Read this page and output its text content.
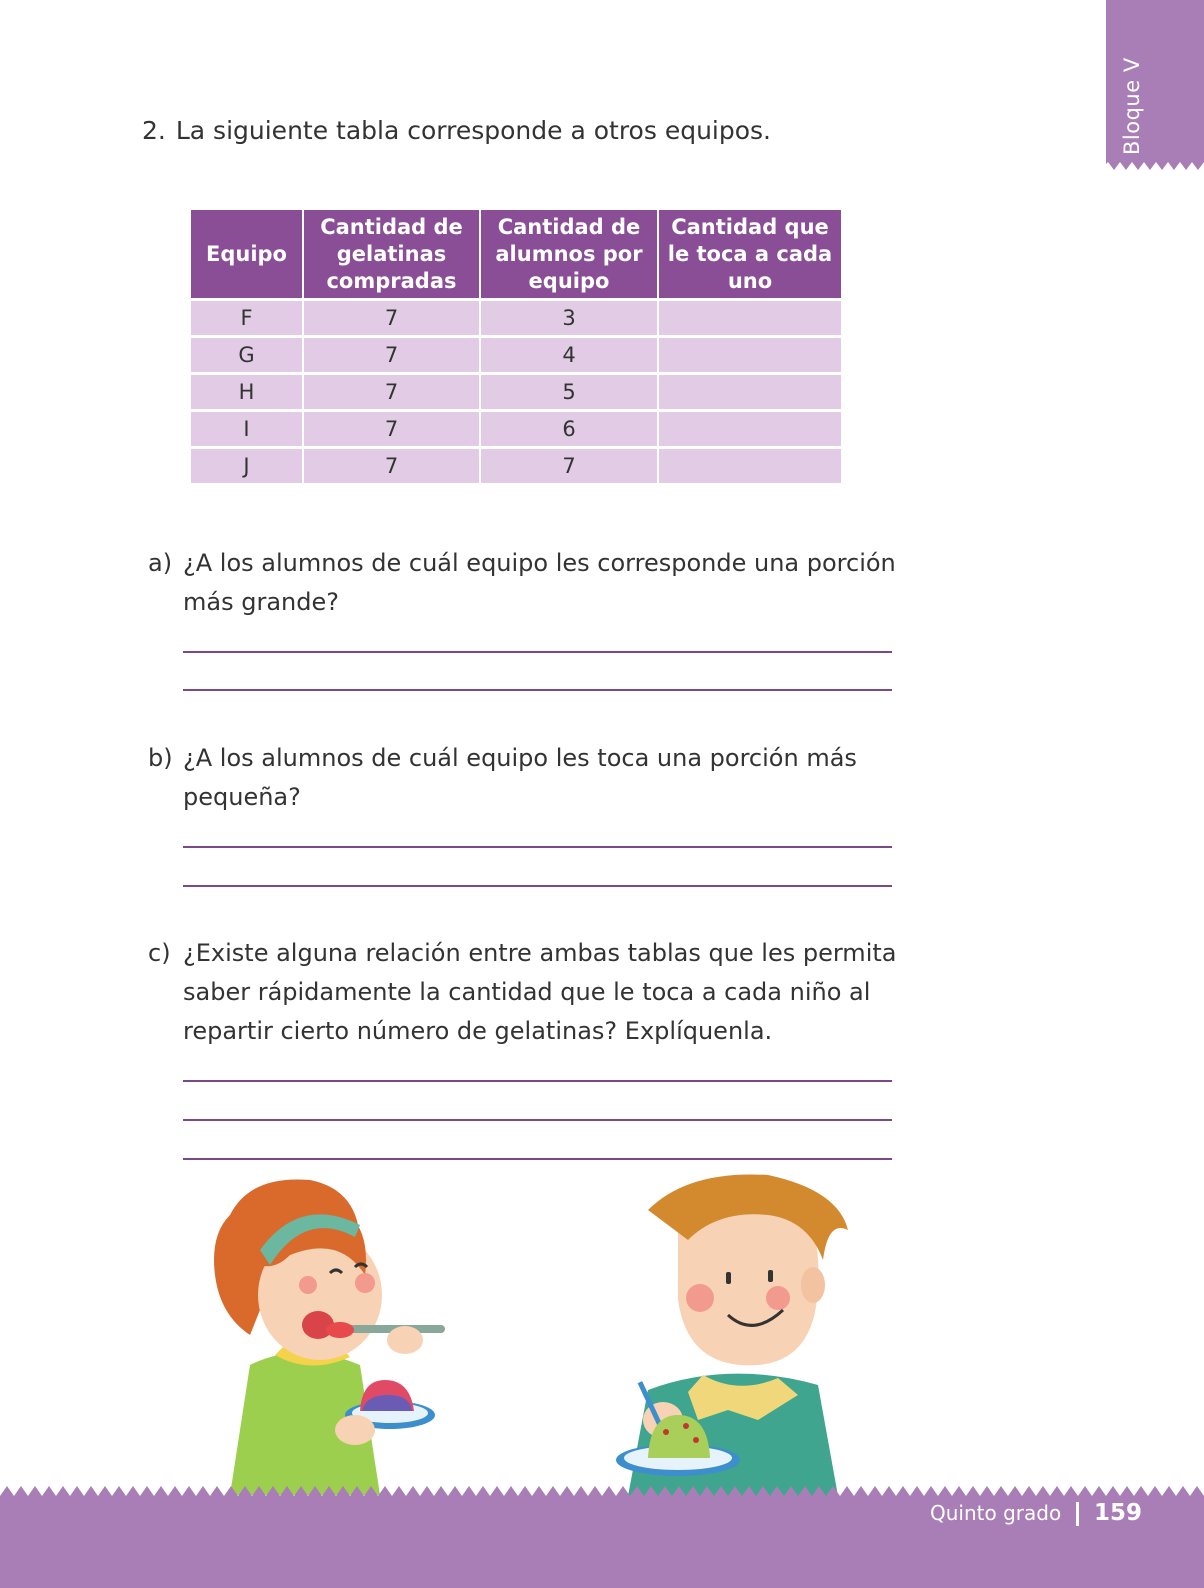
Bloque V
2. La siguiente tabla corresponde a otros equipos.
Equipo	Cantidad de gelatinas compradas	Cantidad de alumnos por equipo	Cantidad que le toca a cada uno
F	7	3	
G	7	4	
H	7	5	
I	7	6	
J	7	7	
a) ¿A los alumnos de cuál equipo les corresponde una porción más grande?
b) ¿A los alumnos de cuál equipo les toca una porción más pequeña?
c) ¿Existe alguna relación entre ambas tablas que les permita saber rápidamente la cantidad que le toca a cada niño al repartir cierto número de gelatinas? Explíquenla.
Quinto grado 159
